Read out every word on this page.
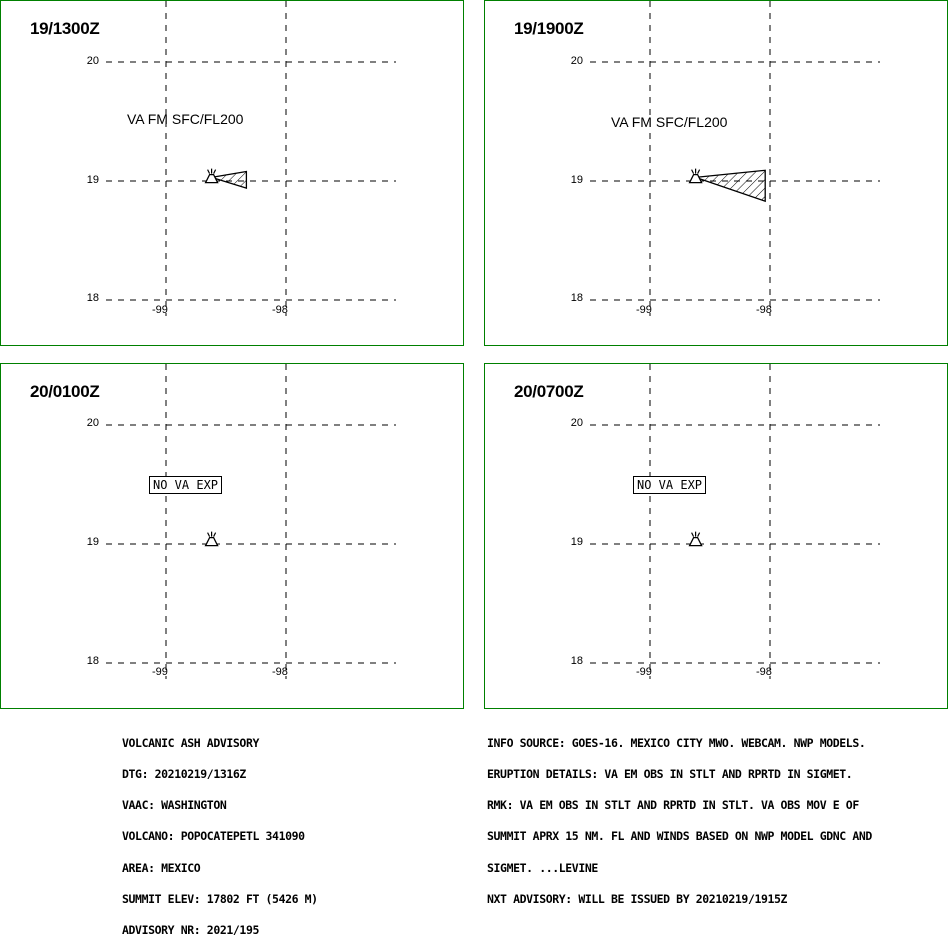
19/1300Z
20
19
18
-99	-98
VA FM SFC/FL200
19/1900Z
20
19
18
-99	-98
VA FM SFC/FL200
20/0100Z
20
19
18
-99	-98
NO VA EXP
20/0700Z
20
19
18
-99	-98
NO VA EXP

VOLCANIC ASH ADVISORY

DTG: 20210219/1316Z

VAAC: WASHINGTON

VOLCANO: POPOCATEPETL 341090

AREA: MEXICO

SUMMIT ELEV: 17802 FT (5426 M)

ADVISORY NR: 2021/195

INFO SOURCE: GOES-16. MEXICO CITY MWO. WEBCAM. NWP MODELS.

ERUPTION DETAILS: VA EM OBS IN STLT AND RPRTD IN SIGMET.

RMK: VA EM OBS IN STLT AND RPRTD IN STLT. VA OBS MOV E OF

SUMMIT APRX 15 NM. FL AND WINDS BASED ON NWP MODEL GDNC AND

SIGMET. ...LEVINE

NXT ADVISORY: WILL BE ISSUED BY 20210219/1915Z
